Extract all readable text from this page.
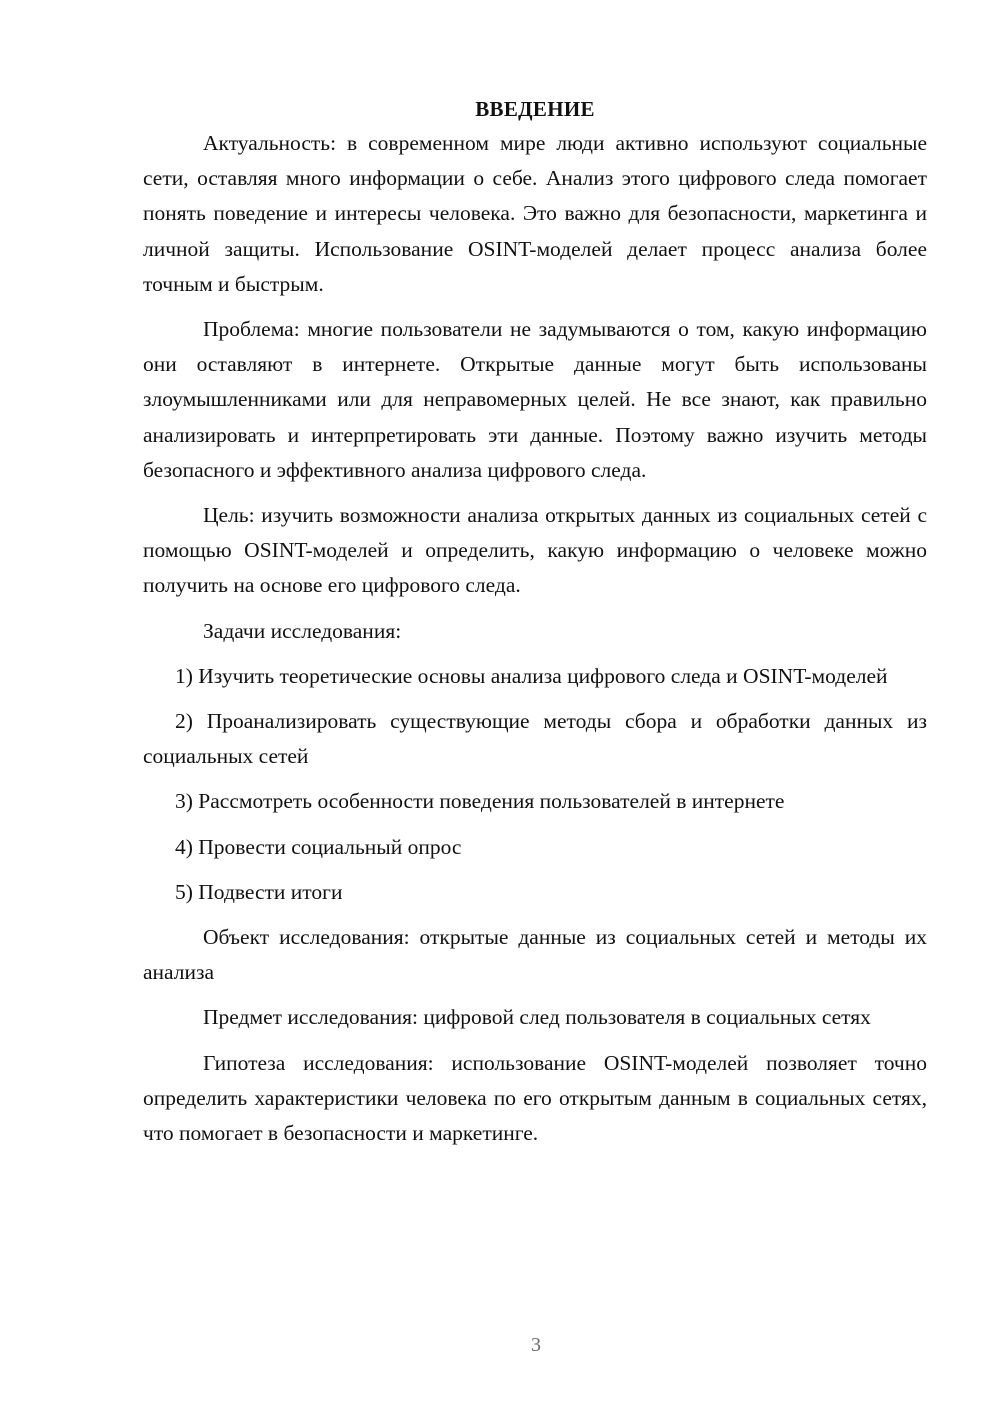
ВВЕДЕНИЕ

Актуальность: в современном мире люди активно используют социальные сети, оставляя много информации о себе. Анализ этого цифрового следа помогает понять поведение и интересы человека. Это важно для безопасности, маркетинга и личной защиты. Использование OSINT-моделей делает процесс анализа более точным и быстрым.

Проблема: многие пользователи не задумываются о том, какую информацию они оставляют в интернете. Открытые данные могут быть использованы злоумышленниками или для неправомерных целей. Не все знают, как правильно анализировать и интерпретировать эти данные. Поэтому важно изучить методы безопасного и эффективного анализа цифрового следа.

Цель: изучить возможности анализа открытых данных из социальных сетей с помощью OSINT-моделей и определить, какую информацию о человеке можно получить на основе его цифрового следа.

Задачи исследования:

1) Изучить теоретические основы анализа цифрового следа и OSINT-моделей

2) Проанализировать существующие методы сбора и обработки данных из социальных сетей

3) Рассмотреть особенности поведения пользователей в интернете

4) Провести социальный опрос

5) Подвести итоги

Объект исследования: открытые данные из социальных сетей и методы их анализа

Предмет исследования: цифровой след пользователя в социальных сетях

Гипотеза исследования: использование OSINT-моделей позволяет точно определить характеристики человека по его открытым данным в социальных сетях, что помогает в безопасности и маркетинге.

3
